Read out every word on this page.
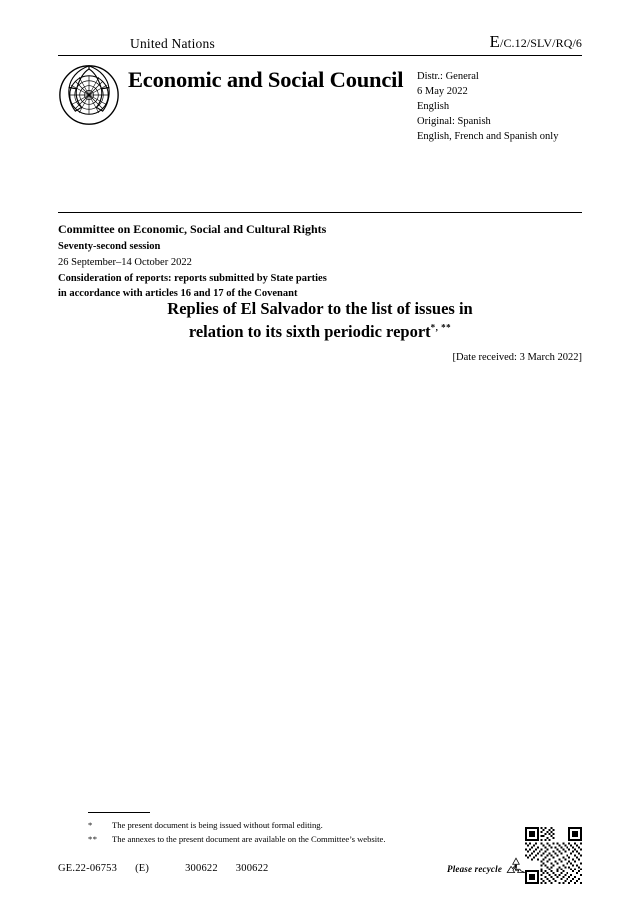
United Nations	E/C.12/SLV/RQ/6
Economic and Social Council	Distr.: General
6 May 2022
English
Original: Spanish
English, French and Spanish only
Committee on Economic, Social and Cultural Rights
Seventy-second session
26 September–14 October 2022
Consideration of reports: reports submitted by State parties
in accordance with articles 16 and 17 of the Covenant
Replies of El Salvador to the list of issues in
relation to its sixth periodic report*, **
[Date received: 3 March 2022]
* The present document is being issued without formal editing.
** The annexes to the present document are available on the Committee’s website.
GE.22-06753 (E)	300622 300622	Please recycle
